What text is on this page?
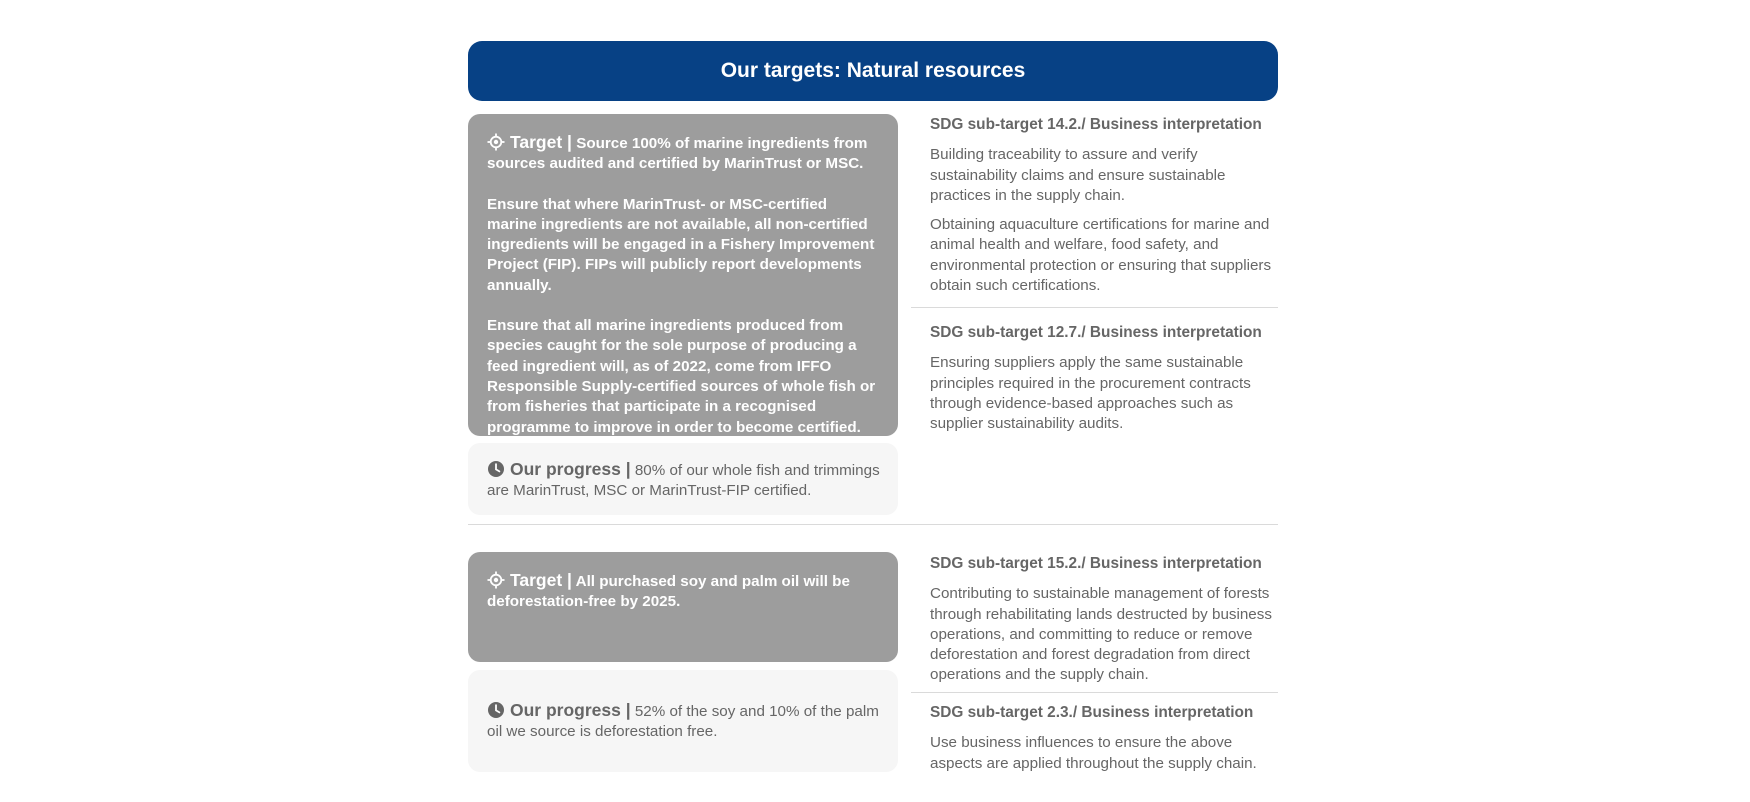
Our targets: Natural resources

Target | Source 100% of marine ingredients from sources audited and certified by MarinTrust or MSC.

Ensure that where MarinTrust- or MSC-certified marine ingredients are not available, all non-certified ingredients will be engaged in a Fishery Improvement Project (FIP). FIPs will publicly report developments annually.

Ensure that all marine ingredients produced from species caught for the sole purpose of producing a feed ingredient will, as of 2022, come from IFFO Responsible Supply-certified sources of whole fish or from fisheries that participate in a recognised programme to improve in order to become certified.

Our progress | 80% of our whole fish and trimmings are MarinTrust, MSC or MarinTrust-FIP certified.
SDG sub-target 14.2./ Business interpretation

Building traceability to assure and verify sustainability claims and ensure sustainable practices in the supply chain.

Obtaining aquaculture certifications for marine and animal health and welfare, food safety, and environmental protection or ensuring that suppliers obtain such certifications.

SDG sub-target 12.7./ Business interpretation

Ensuring suppliers apply the same sustainable principles required in the procurement contracts through evidence-based approaches such as supplier sustainability audits.

Target | All purchased soy and palm oil will be deforestation-free by 2025.

Our progress | 52% of the soy and 10% of the palm oil we source is deforestation free.
SDG sub-target 15.2./ Business interpretation

Contributing to sustainable management of forests through rehabilitating lands destructed by business operations, and committing to reduce or remove deforestation and forest degradation from direct operations and the supply chain.

SDG sub-target 2.3./ Business interpretation

Use business influences to ensure the above aspects are applied throughout the supply chain.
